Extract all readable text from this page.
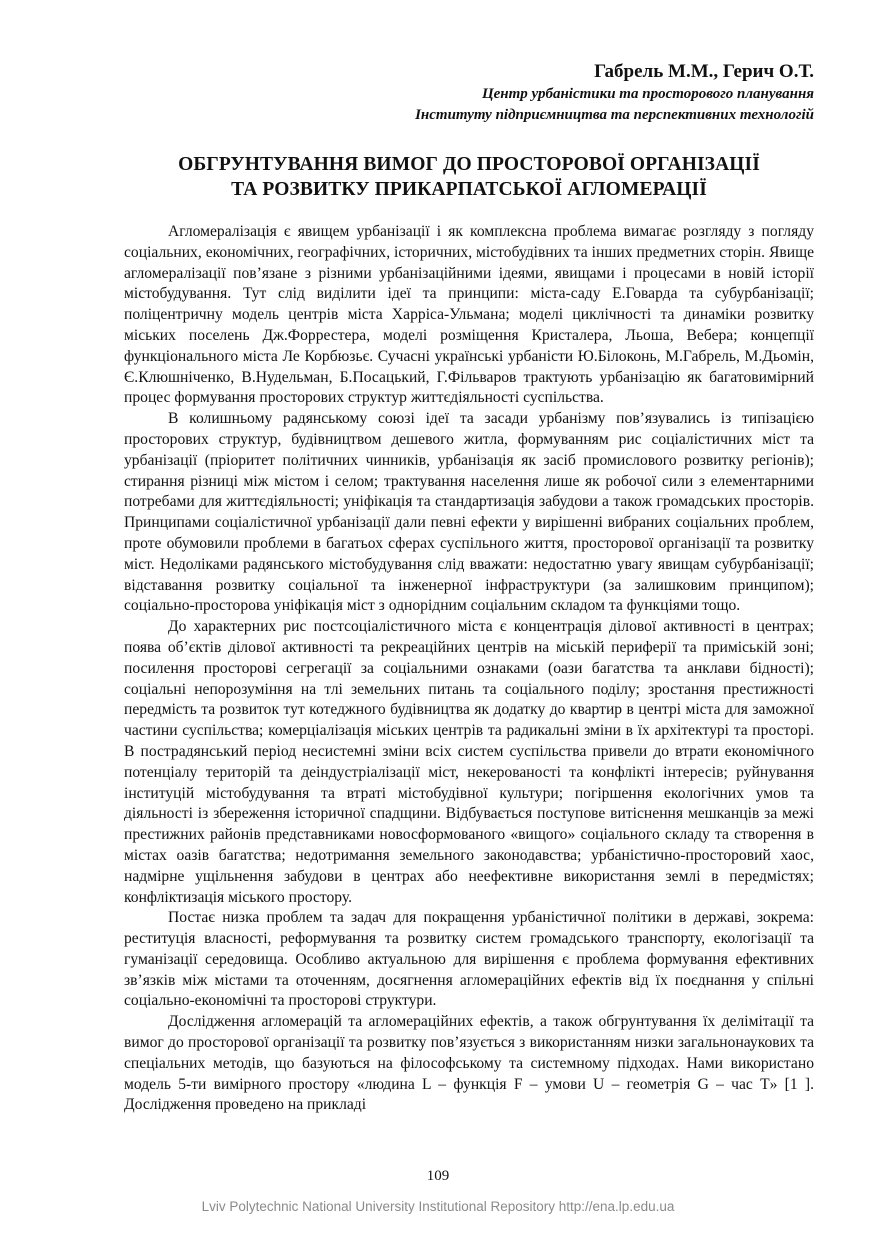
Габрель М.М., Герич О.Т.

Центр урбаністики та просторового планування

Інституту підприємництва та перспективних технологій

ОБГРУНТУВАННЯ ВИМОГ ДО ПРОСТОРОВОЇ ОРГАНІЗАЦІЇ
ТА РОЗВИТКУ ПРИКАРПАТСЬКОЇ АГЛОМЕРАЦІЇ

Агломералізація є явищем урбанізації і як комплексна проблема вимагає розгляду з погляду соціальних, економічних, географічних, історичних, містобудівних та інших предметних сторін. Явище агломералізації пов’язане з різними урбанізаційними ідеями, явищами і процесами в новій історії містобудування. Тут слід виділити ідеї та принципи: міста-саду Е.Говарда та субурбанізації; поліцентричну модель центрів міста Харріса-Ульмана; моделі циклічності та динаміки розвитку міських поселень Дж.Форрестера, моделі розміщення Кристалера, Льоша, Вебера; концепції функціонального міста Ле Корбюзьє. Сучасні українські урбаністи Ю.Білоконь, М.Габрель, М.Дьомін, Є.Клюшніченко, В.Нудельман, Б.Посацький, Г.Фільваров трактують урбанізацію як багатовимірний процес формування просторових структур життєдіяльності суспільства.

В колишньому радянському союзі ідеї та засади урбанізму пов’язувались із типізацією просторових структур, будівництвом дешевого житла, формуванням рис соціалістичних міст та урбанізації (пріоритет політичних чинників, урбанізація як засіб промислового розвитку регіонів); стирання різниці між містом і селом; трактування населення лише як робочої сили з елементарними потребами для життєдіяльності; уніфікація та стандартизація забудови а також громадських просторів. Принципами соціалістичної урбанізації дали певні ефекти у вирішенні вибраних соціальних проблем, проте обумовили проблеми в багатьох сферах суспільного життя, просторової організації та розвитку міст. Недоліками радянського містобудування слід вважати: недостатню увагу явищам субурбанізації; відставання розвитку соціальної та інженерної інфраструктури (за залишковим принципом); соціально-просторова уніфікація міст з однорідним соціальним складом та функціями тощо.

До характерних рис постсоціалістичного міста є концентрація ділової активності в центрах; поява об’єктів ділової активності та рекреаційних центрів на міській периферії та приміській зоні; посилення просторові сегрегації за соціальними ознаками (оази багатства та анклави бідності); соціальні непорозуміння на тлі земельних питань та соціального поділу; зростання престижності передмість та розвиток тут котеджного будівництва як додатку до квартир в центрі міста для заможної частини суспільства; комерціалізація міських центрів та радикальні зміни в їх архітектурі та просторі. В пострадянський період несистемні зміни всіх систем суспільства привели до втрати економічного потенціалу територій та деіндустріалізації міст, некерованості та конфлікті інтересів; руйнування інституцій містобудування та втраті містобудівної культури; погіршення екологічних умов та діяльності із збереження історичної спадщини. Відбувається поступове витіснення мешканців за межі престижних районів представниками новосформованого «вищого» соціального складу та створення в містах оазів багатства; недотримання земельного законодавства; урбаністично-просторовий хаос, надмірне ущільнення забудови в центрах або неефективне використання землі в передмістях; конфліктизація міського простору.

Постає низка проблем та задач для покращення урбаністичної політики в державі, зокрема: реституція власності, реформування та розвитку систем громадського транспорту, екологізації та гуманізації середовища. Особливо актуальною для вирішення є проблема формування ефективних зв’язків між містами та оточенням, досягнення агломераційних ефектів від їх поєднання у спільні соціально-економічні та просторові структури.

Дослідження агломерацій та агломераційних ефектів, а також обгрунтування їх делімітації та вимог до просторової організації та розвитку пов’язується з використанням низки загальнонаукових та спеціальних методів, що базуються на філософському та системному підходах. Нами використано модель 5-ти вимірного простору «людина L – функція F – умови U – геометрія G – час T» [1 ]. Дослідження проведено на прикладі

109
Lviv Polytechnic National University Institutional Repository http://ena.lp.edu.ua
